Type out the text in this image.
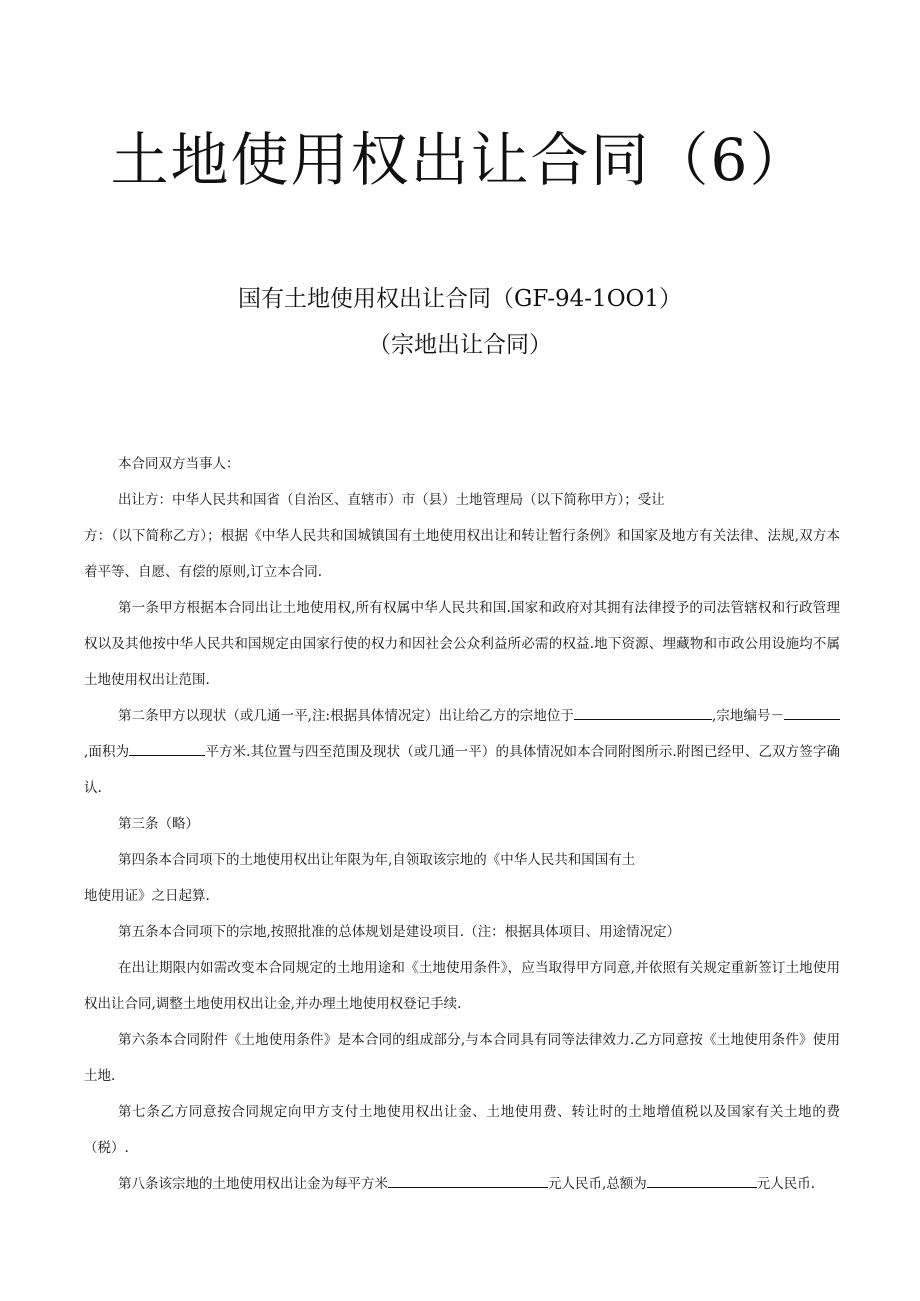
土地使用权出让合同（6）
国有土地使用权出让合同（GF-94-1OO1）
（宗地出让合同）

本合同双方当事人：

出让方：中华人民共和国省（自治区、直辖市）市（县）土地管理局（以下简称甲方）；受让

方：（以下简称乙方）；根据《中华人民共和国城镇国有土地使用权出让和转让暂行条例》和国家及地方有关法律、法规,双方本着平等、自愿、有偿的原则,订立本合同.

第一条甲方根据本合同出让土地使用权,所有权属中华人民共和国.国家和政府对其拥有法律授予的司法管辖权和行政管理权以及其他按中华人民共和国规定由国家行使的权力和因社会公众利益所必需的权益.地下资源、埋藏物和市政公用设施均不属土地使用权出让范围.

第二条甲方以现状（或几通一平,注:根据具体情况定）出让给乙方的宗地位于	,宗地编号－,面积为	平方米.其位置与四至范围及现状（或几通一平）的具体情况如本合同附图所示.附图已经甲、乙双方签字确认.

第三条（略）

第四条本合同项下的土地使用权出让年限为年,自领取该宗地的《中华人民共和国国有土

地使用证》之日起算.

第五条本合同项下的宗地,按照批准的总体规划是建设项目.（注：根据具体项目、用途情况定）

在出让期限内如需改变本合同规定的土地用途和《土地使用条件》，应当取得甲方同意,并依照有关规定重新签订土地使用权出让合同,调整土地使用权出让金,并办理土地使用权登记手续.

第六条本合同附件《土地使用条件》是本合同的组成部分,与本合同具有同等法律效力.乙方同意按《土地使用条件》使用土地.

第七条乙方同意按合同规定向甲方支付土地使用权出让金、土地使用费、转让时的土地增值税以及国家有关土地的费（税）.

第八条该宗地的土地使用权出让金为每平方米	元人民币,总额为	元人民币.
